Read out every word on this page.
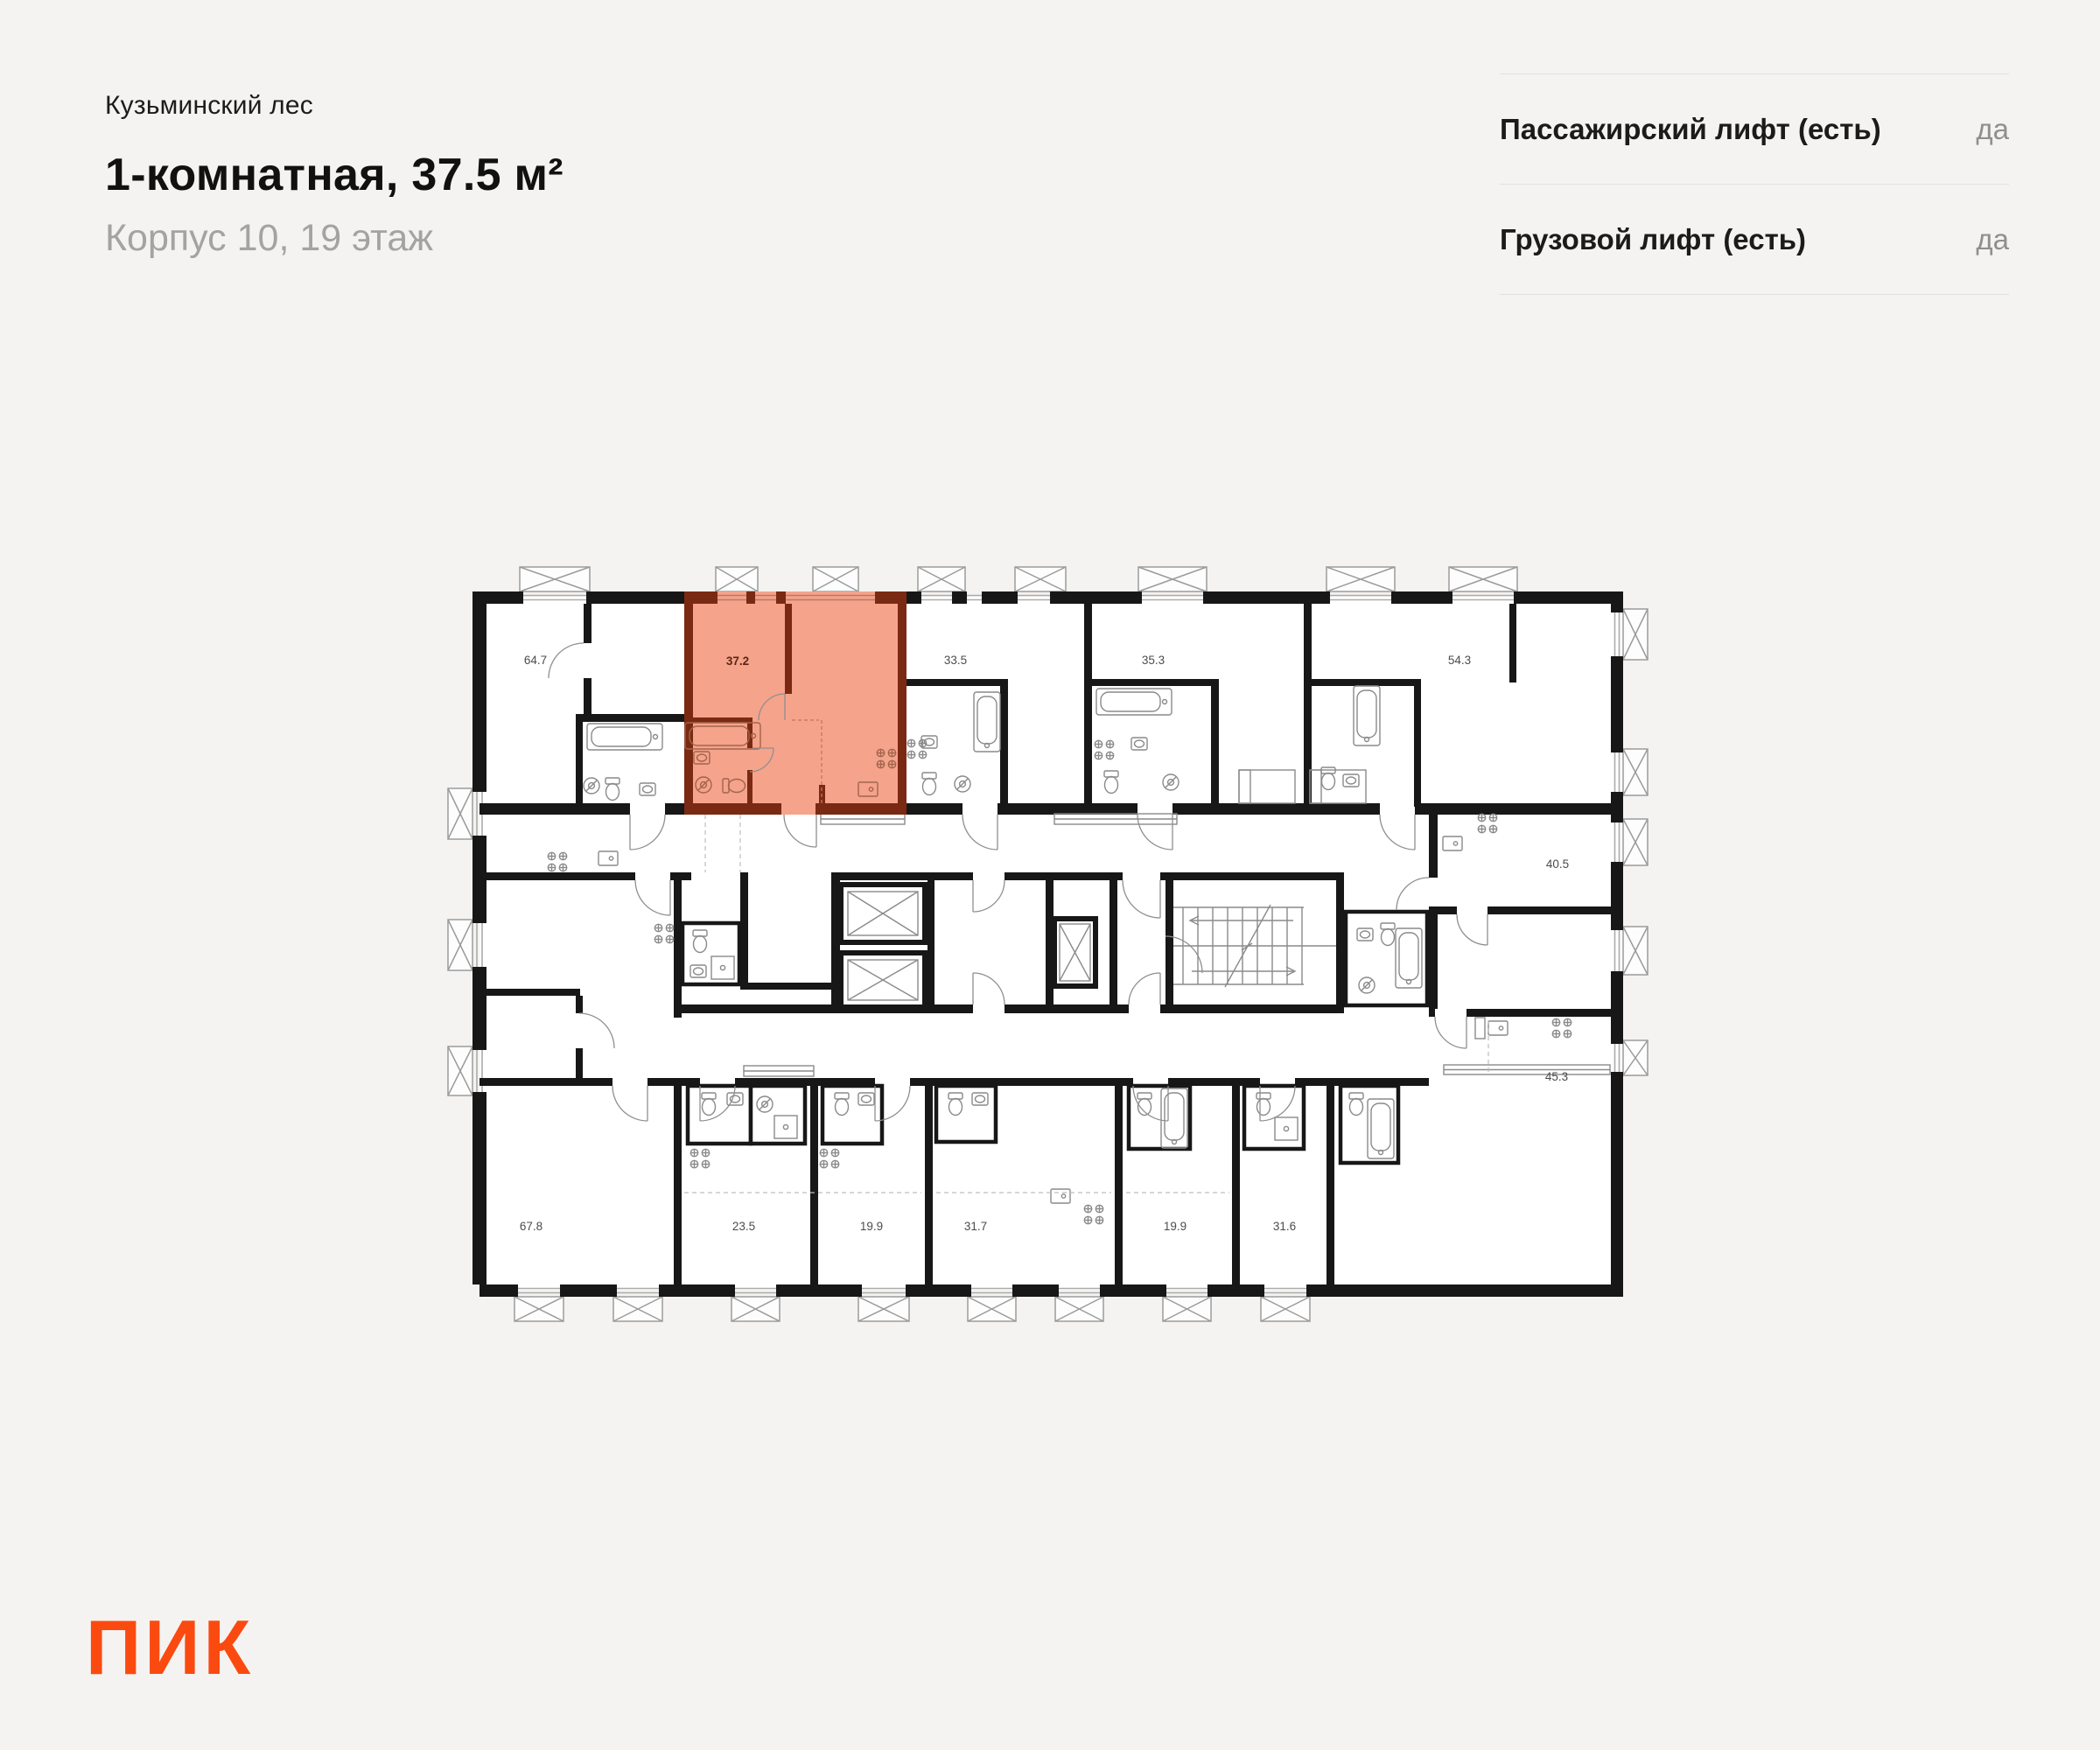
Кузьминский лес
1-комнатная, 37.5 м²
Корпус 10, 19 этаж
Пассажирский лифт (есть)	да
Грузовой лифт (есть)	да
37.2
64.7	33.5	35.3	54.3
40.5
45.3
67.8	23.5	19.9	31.7	19.9	31.6
ПИК
